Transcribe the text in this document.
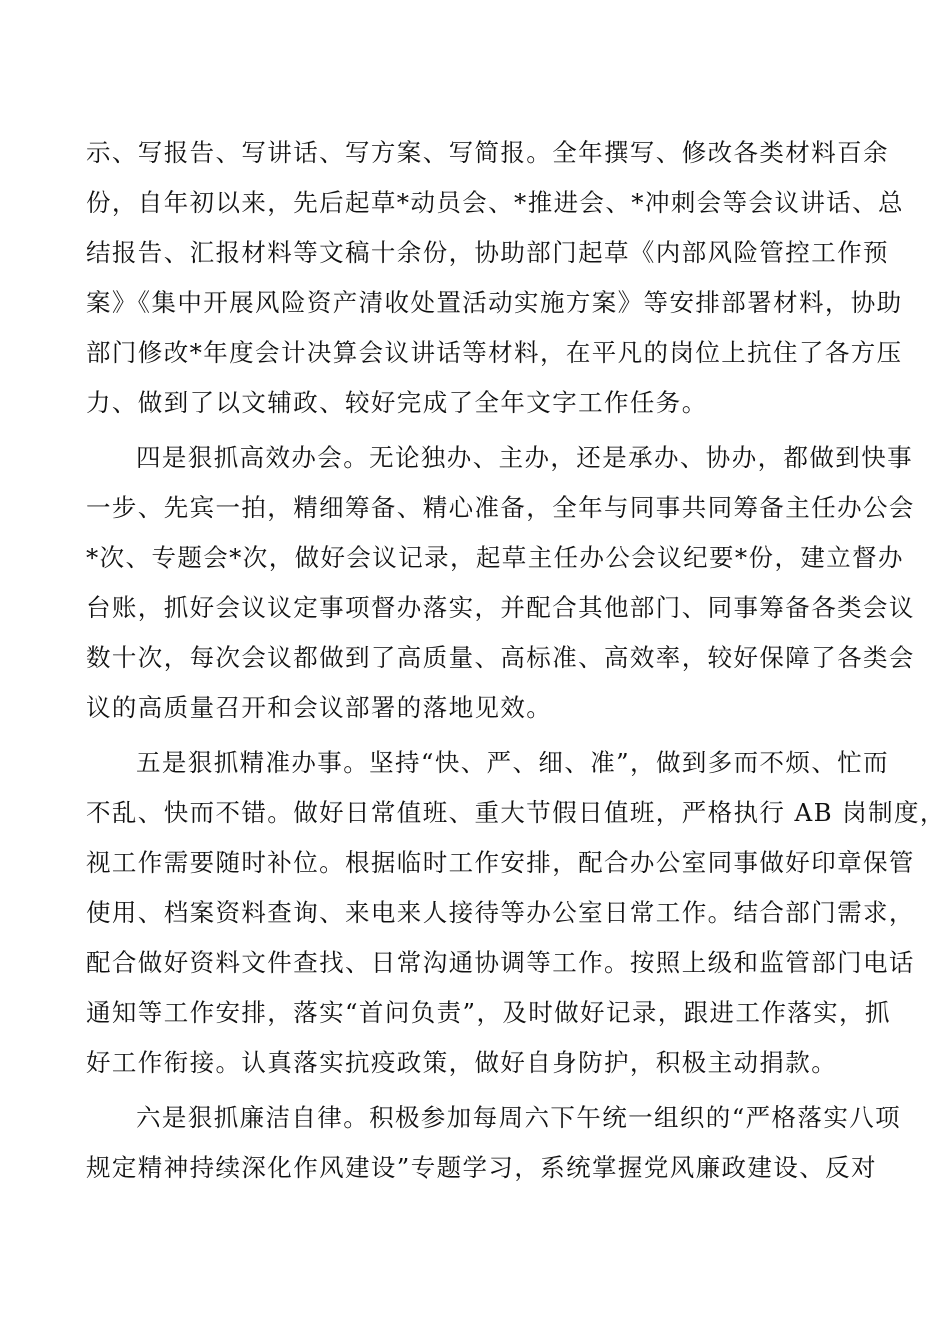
示、写报告、写讲话、写方案、写简报。全年撰写、修改各类材料百余
份，自年初以来，先后起草*动员会、*推进会、*冲刺会等会议讲话、总
结报告、汇报材料等文稿十余份，协助部门起草《内部风险管控工作预
案》《集中开展风险资产清收处置活动实施方案》等安排部署材料，协助
部门修改*年度会计决算会议讲话等材料，在平凡的岗位上抗住了各方压
力、做到了以文辅政、较好完成了全年文字工作任务。
四是狠抓高效办会。无论独办、主办，还是承办、协办，都做到快事
一步、先宾一拍，精细筹备、精心准备，全年与同事共同筹备主任办公会
*次、专题会*次，做好会议记录，起草主任办公会议纪要*份，建立督办
台账，抓好会议议定事项督办落实，并配合其他部门、同事筹备各类会议
数十次，每次会议都做到了高质量、高标准、高效率，较好保障了各类会
议的高质量召开和会议部署的落地见效。
五是狠抓精准办事。坚持“快、严、细、准”，做到多而不烦、忙而
不乱、快而不错。做好日常值班、重大节假日值班，严格执行 AB 岗制度，
视工作需要随时补位。根据临时工作安排，配合办公室同事做好印章保管
使用、档案资料查询、来电来人接待等办公室日常工作。结合部门需求，
配合做好资料文件查找、日常沟通协调等工作。按照上级和监管部门电话
通知等工作安排，落实“首问负责”，及时做好记录，跟进工作落实，抓
好工作衔接。认真落实抗疫政策，做好自身防护，积极主动捐款。
六是狠抓廉洁自律。积极参加每周六下午统一组织的“严格落实八项
规定精神持续深化作风建设”专题学习，系统掌握党风廉政建设、反对
